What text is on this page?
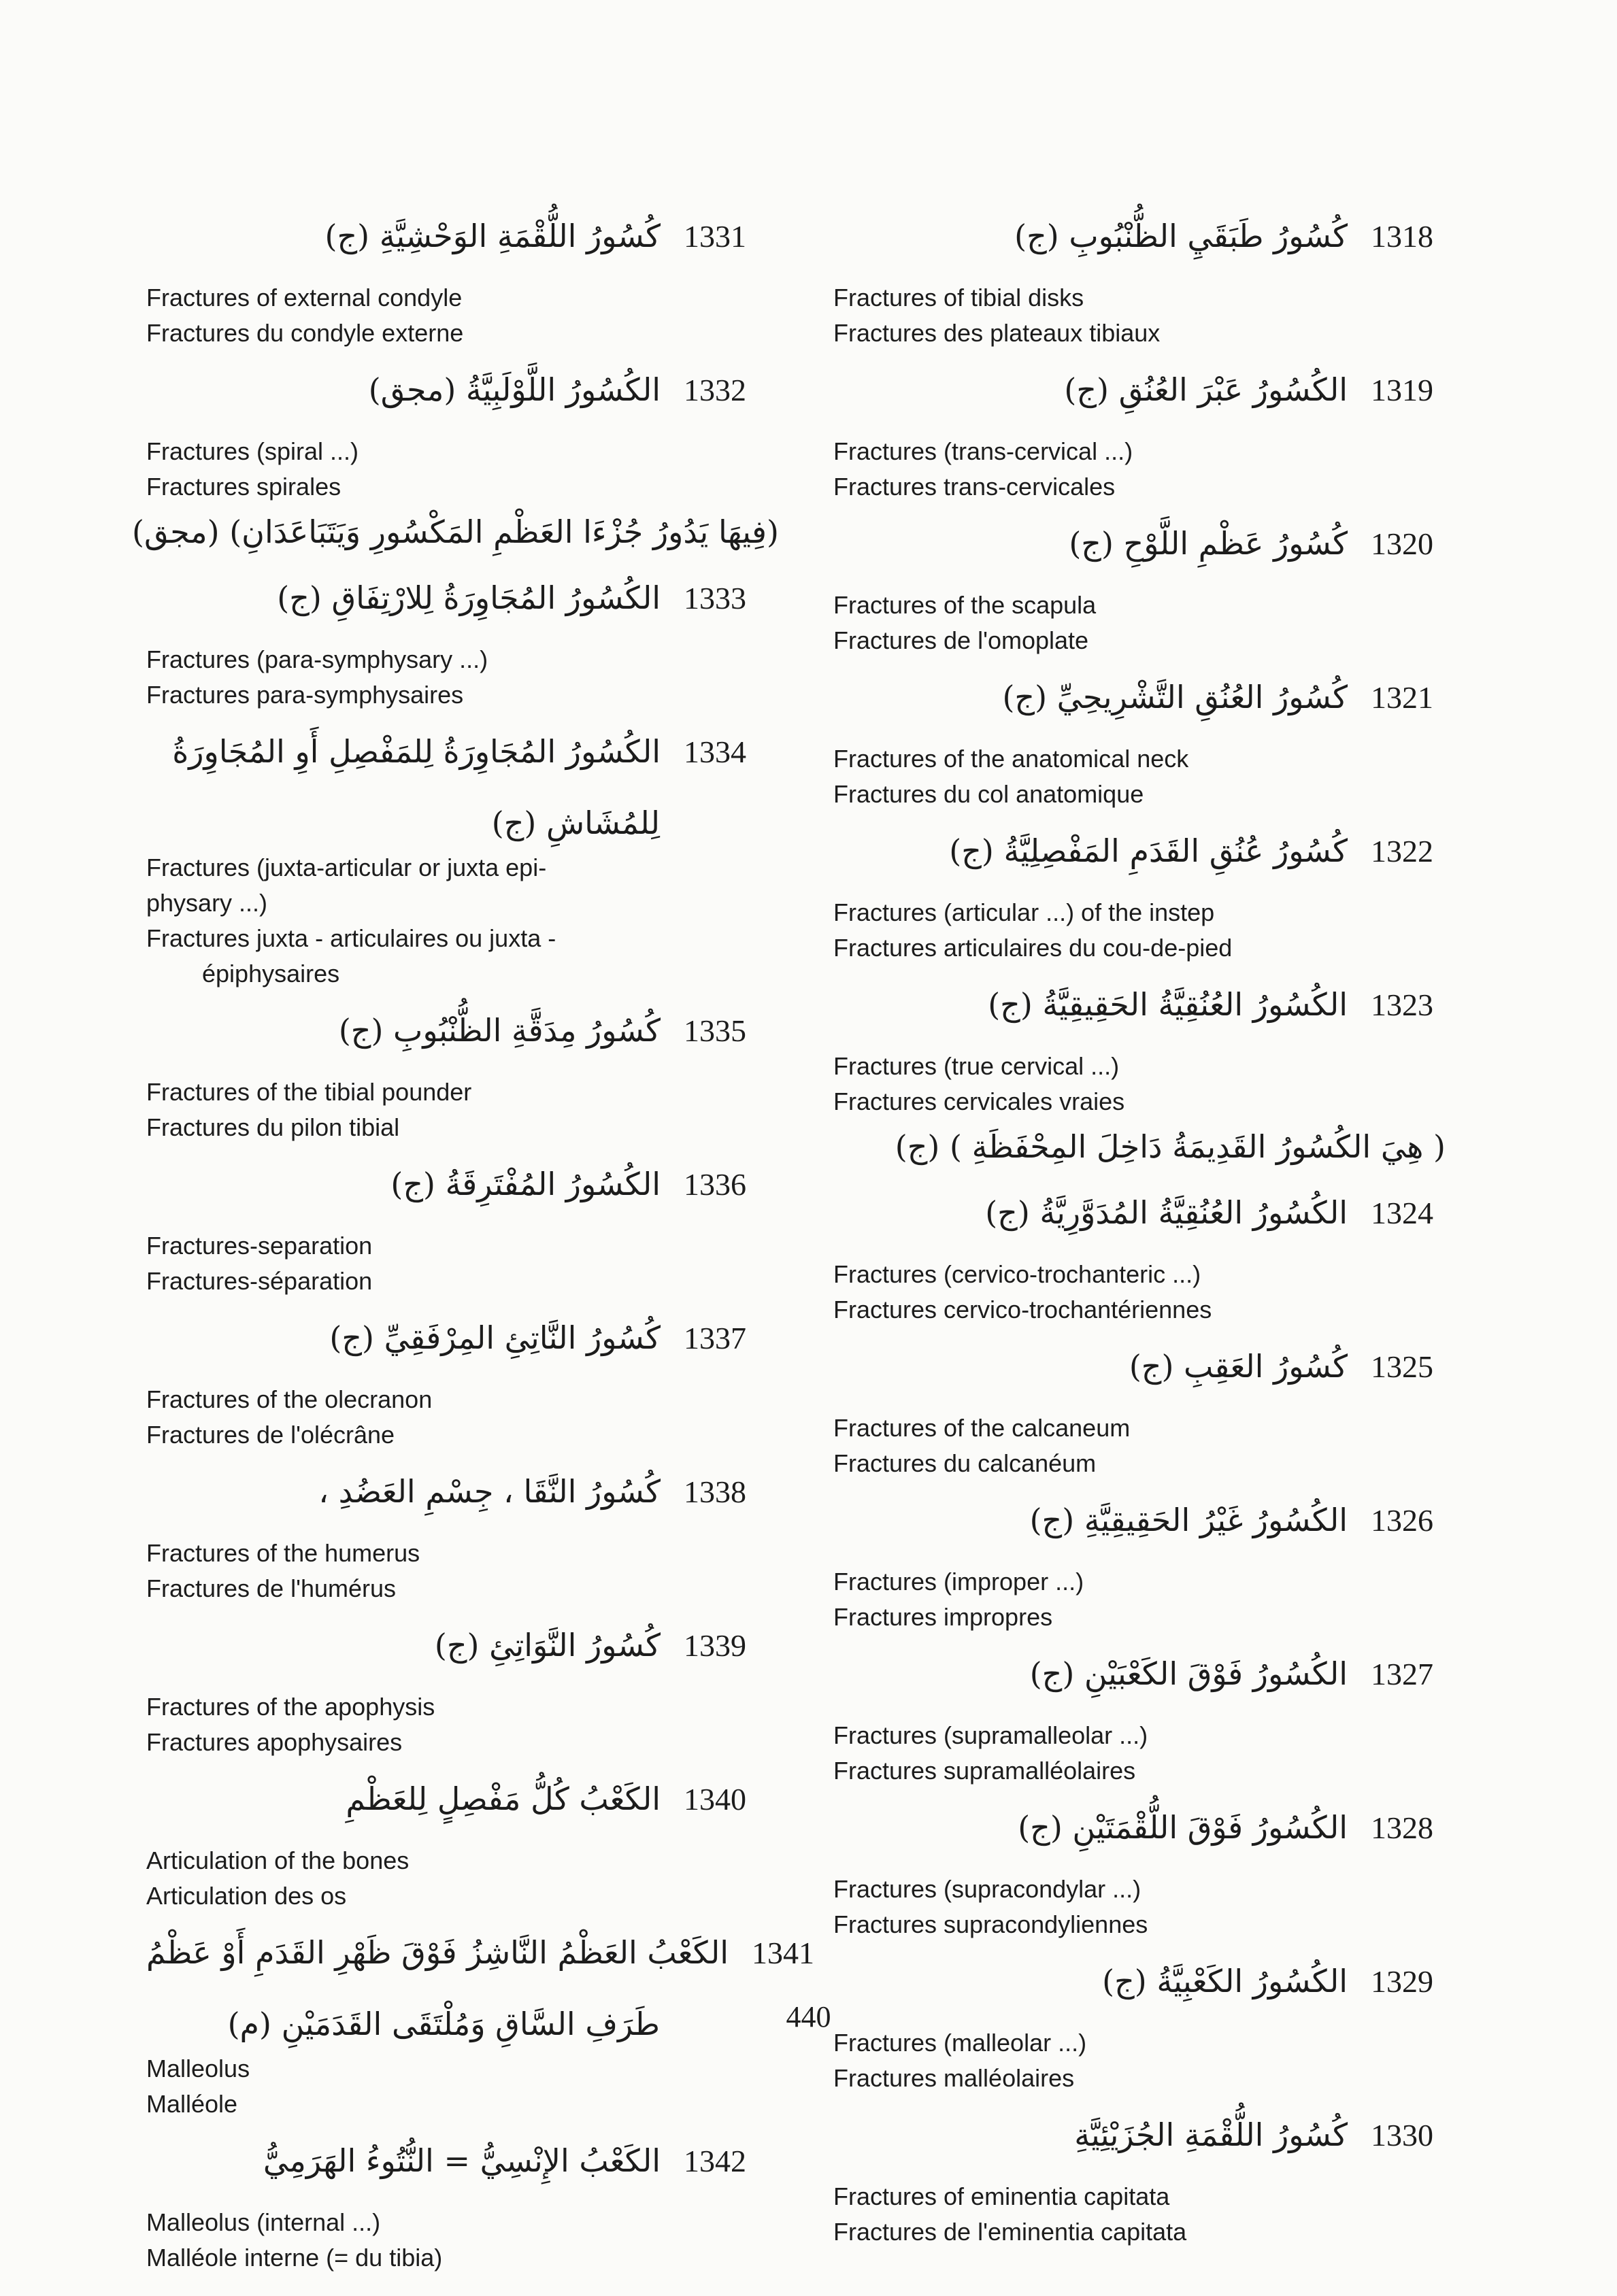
كُسُورُ اللُّقْمَةِ الوَحْشِيَّةِ (ج) 1331
Fractures of external condyle
Fractures du condyle externe
الكُسُورُ اللَّوْلَبِيَّةُ (مجق) 1332
Fractures (spiral ...)
Fractures spirales
(فِيهَا يَدُورُ جُزْءَا العَظْمِ المَكْسُورِ وَيَتَبَاعَدَانِ) (مجق)
الكُسُورُ المُجَاوِرَةُ لِلارْتِفَاقِ (ج) 1333
Fractures (para-symphysary ...)
Fractures para-symphysaires
الكُسُورُ المُجَاوِرَةُ لِلمَفْصِلِ أَوِ المُجَاوِرَةُ 1334
لِلمُشَاشِ (ج)
Fractures (juxta-articular or juxta epi-
physary ...)
Fractures juxta - articulaires ou juxta -
épiphysaires
كُسُورُ مِدَقَّةِ الظُّنْبُوبِ (ج) 1335
Fractures of the tibial pounder
Fractures du pilon tibial
الكُسُورُ المُفْتَرِقَةُ (ج) 1336
Fractures-separation
Fractures-séparation
كُسُورُ النَّاتِئِ المِرْفَقِيِّ (ج) 1337
Fractures of the olecranon
Fractures de l'olécrâne
كُسُورُ النَّقَا ، جِسْمِ العَضُدِ ، 1338
Fractures of the humerus
Fractures de l'humérus
كُسُورُ النَّوَاتِئِ (ج) 1339
Fractures of the apophysis
Fractures apophysaires
الكَعْبُ كُلُّ مَفْصِلٍ لِلعَظْمِ 1340
Articulation of the bones
Articulation des os
الكَعْبُ العَظْمُ النَّاشِزُ فَوْقَ ظَهْرِ القَدَمِ أَوْ عَظْمُ 1341
طَرَفِ السَّاقِ وَمُلْتَقَى القَدَمَيْنِ (م)
Malleolus
Malléole
الكَعْبُ الإِنْسِيُّ = النُّتُوءُ الهَرَمِيُّ 1342
Malleolus (internal ...)
Malléole interne (= du tibia)
كُسُورُ طَبَقَيِ الظُّنْبُوبِ (ج) 1318
Fractures of tibial disks
Fractures des plateaux tibiaux
الكُسُورُ عَبْرَ العُنُقِ (ج) 1319
Fractures (trans-cervical ...)
Fractures trans-cervicales
كُسُورُ عَظْمِ اللَّوْحِ (ج) 1320
Fractures of the scapula
Fractures de l'omoplate
كُسُورُ العُنُقِ التَّشْرِيحِيِّ (ج) 1321
Fractures of the anatomical neck
Fractures du col anatomique
كُسُورُ عُنُقِ القَدَمِ المَفْصِلِيَّةُ (ج) 1322
Fractures (articular ...) of the instep
Fractures articulaires du cou-de-pied
الكُسُورُ العُنُقِيَّةُ الحَقِيقِيَّةُ (ج) 1323
Fractures (true cervical ...)
Fractures cervicales vraies
( هِيَ الكُسُورُ القَدِيمَةُ دَاخِلَ المِحْفَظَةِ ) (ج)
الكُسُورُ العُنُقِيَّةُ المُدَوَّرِيَّةُ (ج) 1324
Fractures (cervico-trochanteric ...)
Fractures cervico-trochantériennes
كُسُورُ العَقِبِ (ج) 1325
Fractures of the calcaneum
Fractures du calcanéum
الكُسُورُ غَيْرُ الحَقِيقِيَّةِ (ج) 1326
Fractures (improper ...)
Fractures impropres
الكُسُورُ فَوْقَ الكَعْبَيْنِ (ج) 1327
Fractures (supramalleolar ...)
Fractures supramalléolaires
الكُسُورُ فَوْقَ اللُّقْمَتَيْنِ (ج) 1328
Fractures (supracondylar ...)
Fractures supracondyliennes
الكُسُورُ الكَعْبِيَّةُ (ج) 1329
Fractures (malleolar ...)
Fractures malléolaires
كُسُورُ اللُّقْمَةِ الجُزَيْئِيَّةِ 1330
Fractures of eminentia capitata
Fractures de l'eminentia capitata
440
